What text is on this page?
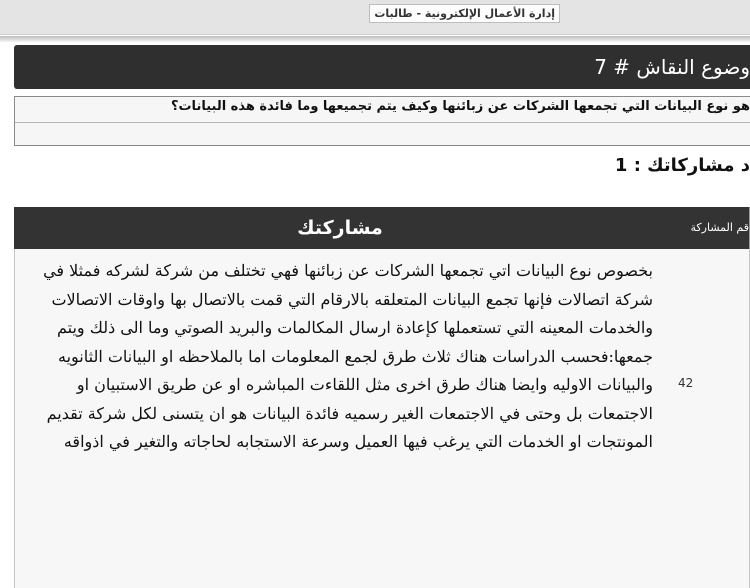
إدارة الأعمال الإلكترونية - طالبات
وضوع النقاش # 7
هو نوع البيانات التي تجمعها الشركات عن زبائنها وكيف يتم تجميعها وما فائدة هذه البيانات؟
د مشاركاتك : 1
قم المشاركة
مشاركتك
42
بخصوص نوع البيانات اتي تجمعها الشركات عن زبائنها فهي تختلف من شركة لشركه فمثلا في شركة اتصالات فإنها تجمع البيانات المتعلقه بالارقام التي قمت بالاتصال بها واوقات الاتصالات والخدمات المعينه التي تستعملها كإعادة ارسال المكالمات والبريد الصوتي وما الى ذلك ويتم جمعها:فحسب الدراسات هناك ثلاث طرق لجمع المعلومات اما بالملاحظه او البيانات الثانويه والبيانات الاوليه وايضا هناك طرق اخرى مثل اللقاءت المباشره او عن طريق الاستبيان او الاجتمعات بل وحتى في الاجتمعات الغير رسميه فائدة البيانات هو ان يتسنى لكل شركة تقديم المونتجات او الخدمات التي يرغب فيها العميل وسرعة الاستجابه لحاجاته والتغير في اذواقه
